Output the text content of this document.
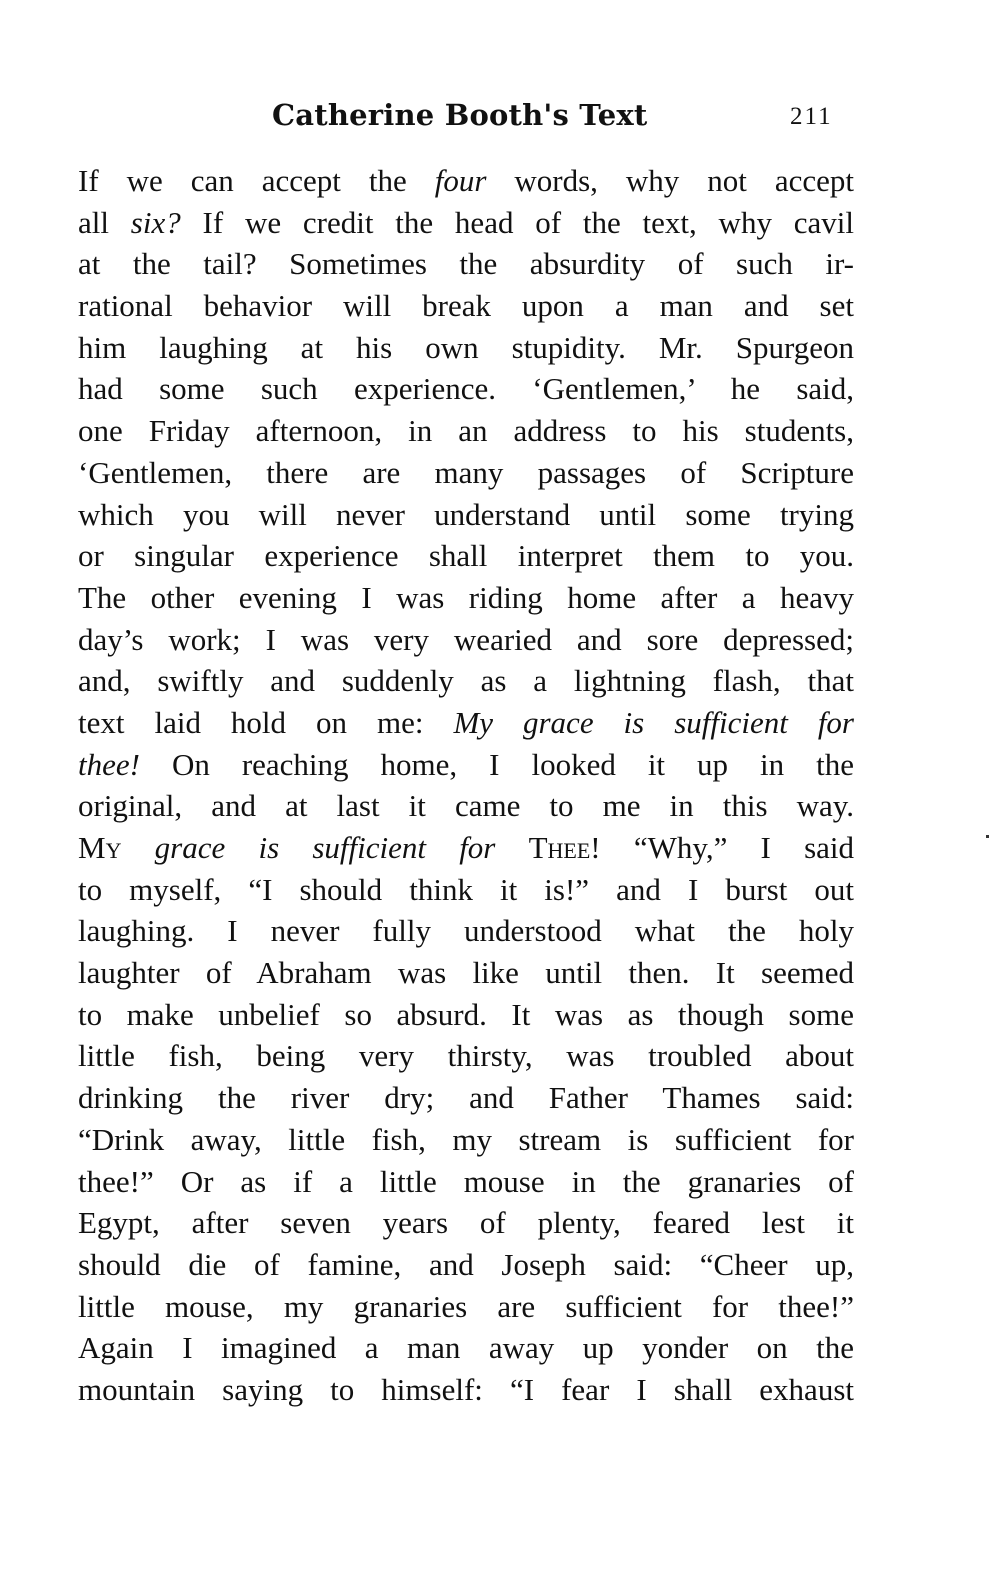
Catherine Booth's Text	211
If we can accept the four words, why not accept
all six? If we credit the head of the text, why cavil
at the tail? Sometimes the absurdity of such ir-
rational behavior will break upon a man and set
him laughing at his own stupidity. Mr. Spurgeon
had some such experience. ‘Gentlemen,’ he said,
one Friday afternoon, in an address to his students,
‘Gentlemen, there are many passages of Scripture
which you will never understand until some trying
or singular experience shall interpret them to you.
The other evening I was riding home after a heavy
day’s work; I was very wearied and sore depressed;
and, swiftly and suddenly as a lightning flash, that
text laid hold on me: My grace is sufficient for
thee! On reaching home, I looked it up in the
original, and at last it came to me in this way.
My grace is sufficient for Thee! “Why,” I said
to myself, “I should think it is!” and I burst out
laughing. I never fully understood what the holy
laughter of Abraham was like until then. It seemed
to make unbelief so absurd. It was as though some
little fish, being very thirsty, was troubled about
drinking the river dry; and Father Thames said:
“Drink away, little fish, my stream is sufficient for
thee!” Or as if a little mouse in the granaries of
Egypt, after seven years of plenty, feared lest it
should die of famine, and Joseph said: “Cheer up,
little mouse, my granaries are sufficient for thee!”
Again I imagined a man away up yonder on the
mountain saying to himself: “I fear I shall exhaust
